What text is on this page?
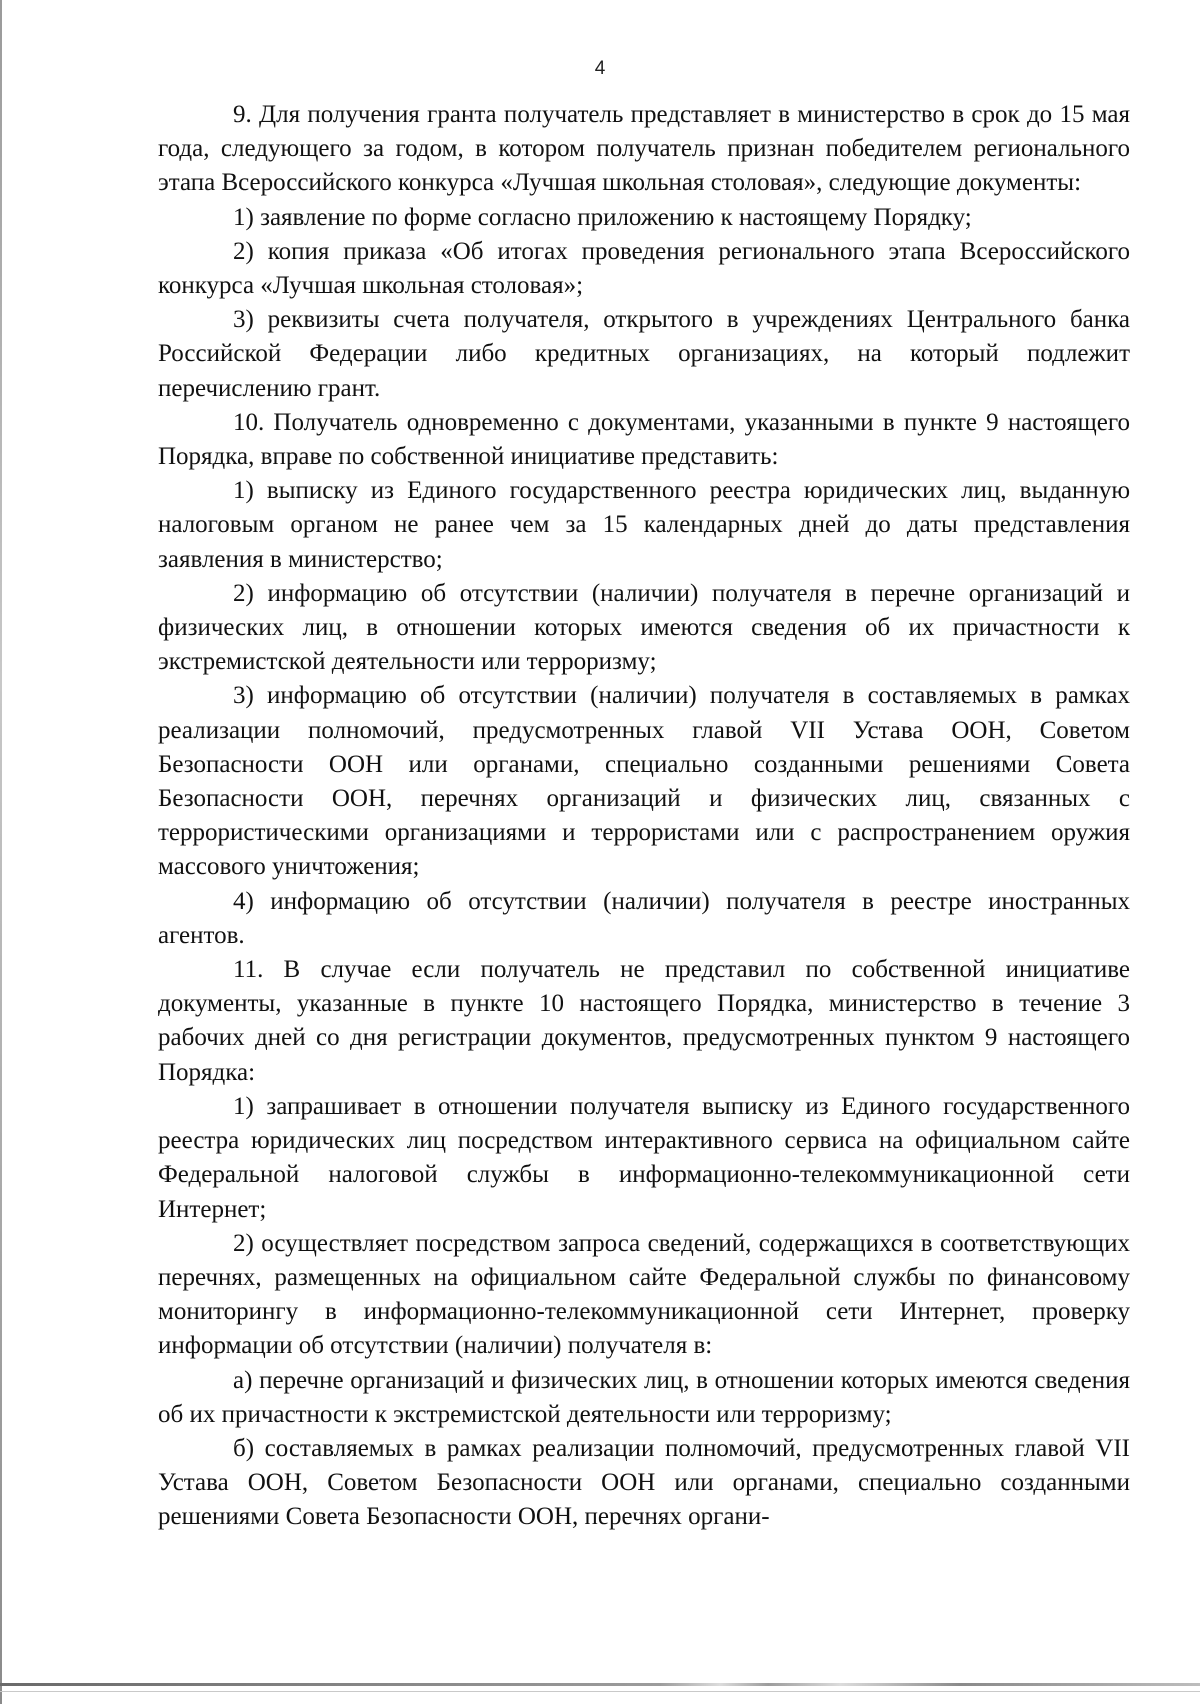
4

9. Для получения гранта получатель представляет в министерство в срок до 15 мая года, следующего за годом, в котором получатель признан победителем регионального этапа Всероссийского конкурса «Лучшая школьная столовая», следующие документы:

1) заявление по форме согласно приложению к настоящему Порядку;

2) копия приказа «Об итогах проведения регионального этапа Всероссийского конкурса «Лучшая школьная столовая»;

3) реквизиты счета получателя, открытого в учреждениях Центрального банка Российской Федерации либо кредитных организациях, на который подлежит перечислению грант.

10. Получатель одновременно с документами, указанными в пункте 9 настоящего Порядка, вправе по собственной инициативе представить:

1) выписку из Единого государственного реестра юридических лиц, выданную налоговым органом не ранее чем за 15 календарных дней до даты представления заявления в министерство;

2) информацию об отсутствии (наличии) получателя в перечне организаций и физических лиц, в отношении которых имеются сведения об их причастности к экстремистской деятельности или терроризму;

3) информацию об отсутствии (наличии) получателя в составляемых в рамках реализации полномочий, предусмотренных главой VII Устава ООН, Советом Безопасности ООН или органами, специально созданными решениями Совета Безопасности ООН, перечнях организаций и физических лиц, связанных с террористическими организациями и террористами или с распространением оружия массового уничтожения;

4) информацию об отсутствии (наличии) получателя в реестре иностранных агентов.

11. В случае если получатель не представил по собственной инициативе документы, указанные в пункте 10 настоящего Порядка, министерство в течение 3 рабочих дней со дня регистрации документов, предусмотренных пунктом 9 настоящего Порядка:

1) запрашивает в отношении получателя выписку из Единого государственного реестра юридических лиц посредством интерактивного сервиса на официальном сайте Федеральной налоговой службы в информационно-телекоммуникационной сети Интернет;

2) осуществляет посредством запроса сведений, содержащихся в соответствующих перечнях, размещенных на официальном сайте Федеральной службы по финансовому мониторингу в информационно-телекоммуникационной сети Интернет, проверку информации об отсутствии (наличии) получателя в:

а) перечне организаций и физических лиц, в отношении которых имеются сведения об их причастности к экстремистской деятельности или терроризму;

б) составляемых в рамках реализации полномочий, предусмотренных главой VII Устава ООН, Советом Безопасности ООН или органами, специально созданными решениями Совета Безопасности ООН, перечнях органи-
